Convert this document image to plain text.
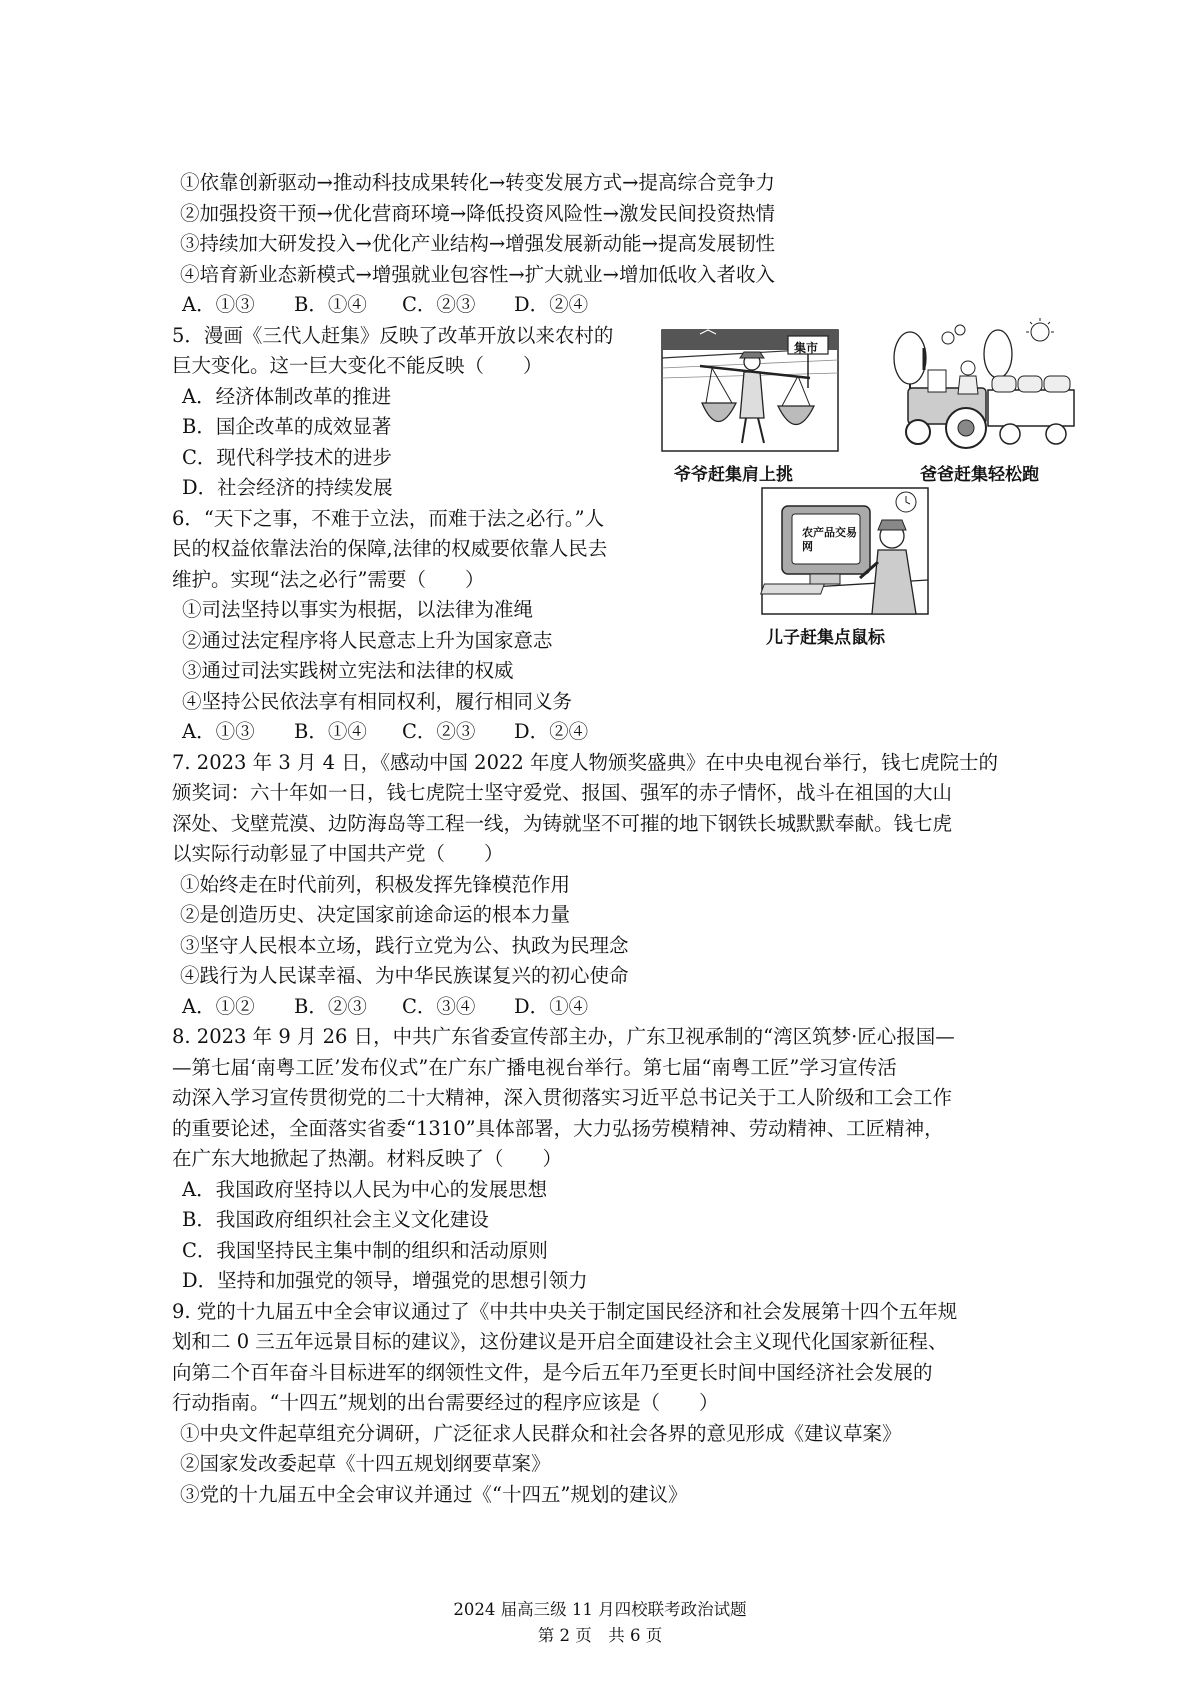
①依靠创新驱动→推动科技成果转化→转变发展方式→提高综合竞争力
②加强投资干预→优化营商环境→降低投资风险性→激发民间投资热情
③持续加大研发投入→优化产业结构→增强发展新动能→提高发展韧性
④培育新业态新模式→增强就业包容性→扩大就业→增加低收入者收入
A．①③ B．①④ C．②③ D．②④
5．漫画《三代人赶集》反映了改革开放以来农村的
巨大变化。这一巨大变化不能反映（　　）
A．经济体制改革的推进
B．国企改革的成效显著
C．现代科学技术的进步
D．社会经济的持续发展
6．“天下之事，不难于立法，而难于法之必行。”人
民的权益依靠法治的保障,法律的权威要依靠人民去
维护。实现“法之必行”需要（　　）
①司法坚持以事实为根据，以法律为准绳
②通过法定程序将人民意志上升为国家意志
③通过司法实践树立宪法和法律的权威
④坚持公民依法享有相同权利，履行相同义务
A．①③ B．①④ C．②③ D．②④
7. 2023 年 3 月 4 日，《感动中国 2022 年度人物颁奖盛典》在中央电视台举行，钱七虎院士的
颁奖词：六十年如一日，钱七虎院士坚守爱党、报国、强军的赤子情怀，战斗在祖国的大山
深处、戈壁荒漠、边防海岛等工程一线，为铸就坚不可摧的地下钢铁长城默默奉献。钱七虎
以实际行动彰显了中国共产党（　　）
①始终走在时代前列，积极发挥先锋模范作用
②是创造历史、决定国家前途命运的根本力量
③坚守人民根本立场，践行立党为公、执政为民理念
④践行为人民谋幸福、为中华民族谋复兴的初心使命
A．①② B．②③ C．③④ D．①④
8. 2023 年 9 月 26 日，中共广东省委宣传部主办，广东卫视承制的“湾区筑梦·匠心报国—
—第七届‘南粤工匠’发布仪式”在广东广播电视台举行。第七届“南粤工匠”学习宣传活
动深入学习宣传贯彻党的二十大精神，深入贯彻落实习近平总书记关于工人阶级和工会工作
的重要论述，全面落实省委“1310”具体部署，大力弘扬劳模精神、劳动精神、工匠精神，
在广东大地掀起了热潮。材料反映了（　　）
A．我国政府坚持以人民为中心的发展思想
B．我国政府组织社会主义文化建设
C．我国坚持民主集中制的组织和活动原则
D．坚持和加强党的领导，增强党的思想引领力
9. 党的十九届五中全会审议通过了《中共中央关于制定国民经济和社会发展第十四个五年规
划和二 0 三五年远景目标的建议》，这份建议是开启全面建设社会主义现代化国家新征程、
向第二个百年奋斗目标进军的纲领性文件，是今后五年乃至更长时间中国经济社会发展的
行动指南。“十四五”规划的出台需要经过的程序应该是（　　）
①中央文件起草组充分调研，广泛征求人民群众和社会各界的意见形成《建议草案》
②国家发改委起草《十四五规划纲要草案》
③党的十九届五中全会审议并通过《“十四五”规划的建议》
集市
爷爷赶集肩上挑	爸爸赶集轻松跑
农产品交易网
儿子赶集点鼠标
2024 届高三级 11 月四校联考政治试题
第 2 页　共 6 页
